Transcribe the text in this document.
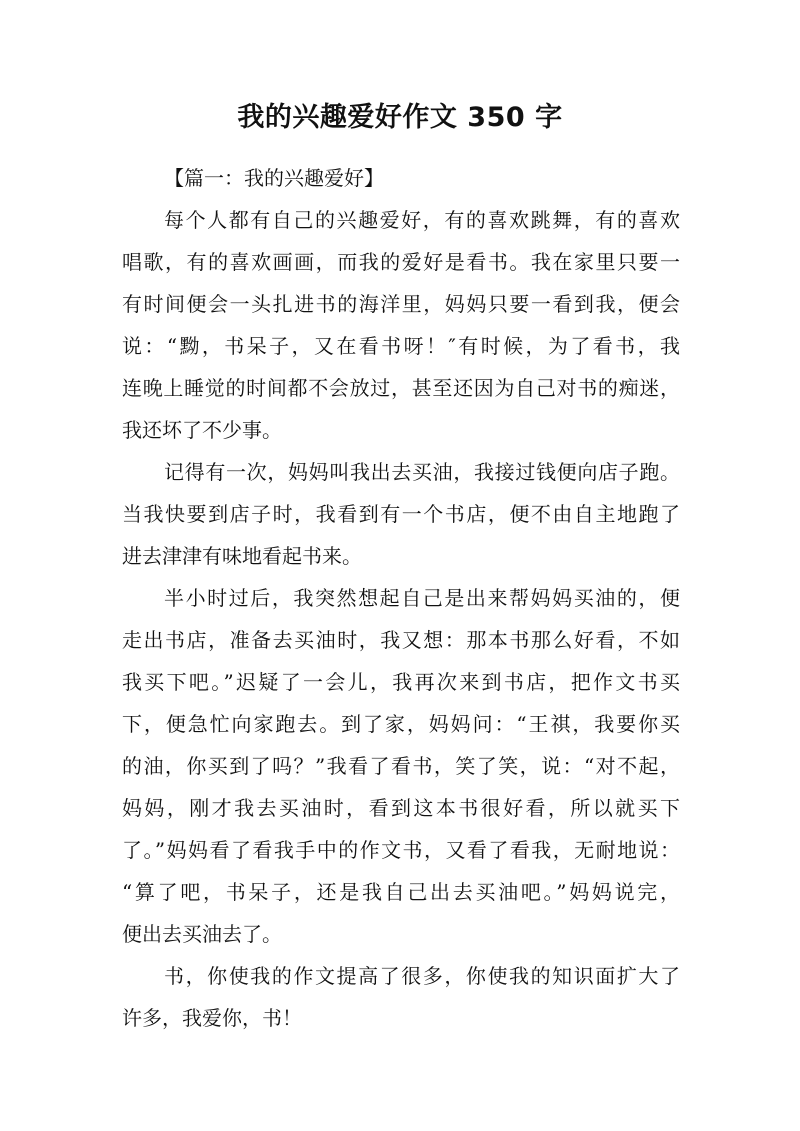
我的兴趣爱好作文 350 字
【篇一：我的兴趣爱好】
每个人都有自己的兴趣爱好，有的喜欢跳舞，有的喜欢
唱歌，有的喜欢画画，而我的爱好是看书。我在家里只要一
有时间便会一头扎进书的海洋里，妈妈只要一看到我，便会
说：“黝，书呆子，又在看书呀！″有时候，为了看书，我
连晚上睡觉的时间都不会放过，甚至还因为自己对书的痴迷，
我还坏了不少事。
记得有一次，妈妈叫我出去买油，我接过钱便向店子跑。
当我快要到店子时，我看到有一个书店，便不由自主地跑了
进去津津有味地看起书来。
半小时过后，我突然想起自己是出来帮妈妈买油的，便
走出书店，准备去买油时，我又想：那本书那么好看，不如
我买下吧。”迟疑了一会儿，我再次来到书店，把作文书买
下，便急忙向家跑去。到了家，妈妈问：“王祺，我要你买
的油，你买到了吗？”我看了看书，笑了笑，说：“对不起，
妈妈，刚才我去买油时，看到这本书很好看，所以就买下
了。”妈妈看了看我手中的作文书，又看了看我，无耐地说：
“算了吧，书呆子，还是我自己出去买油吧。”妈妈说完，
便出去买油去了。
书，你使我的作文提高了很多，你使我的知识面扩大了
许多，我爱你，书！
